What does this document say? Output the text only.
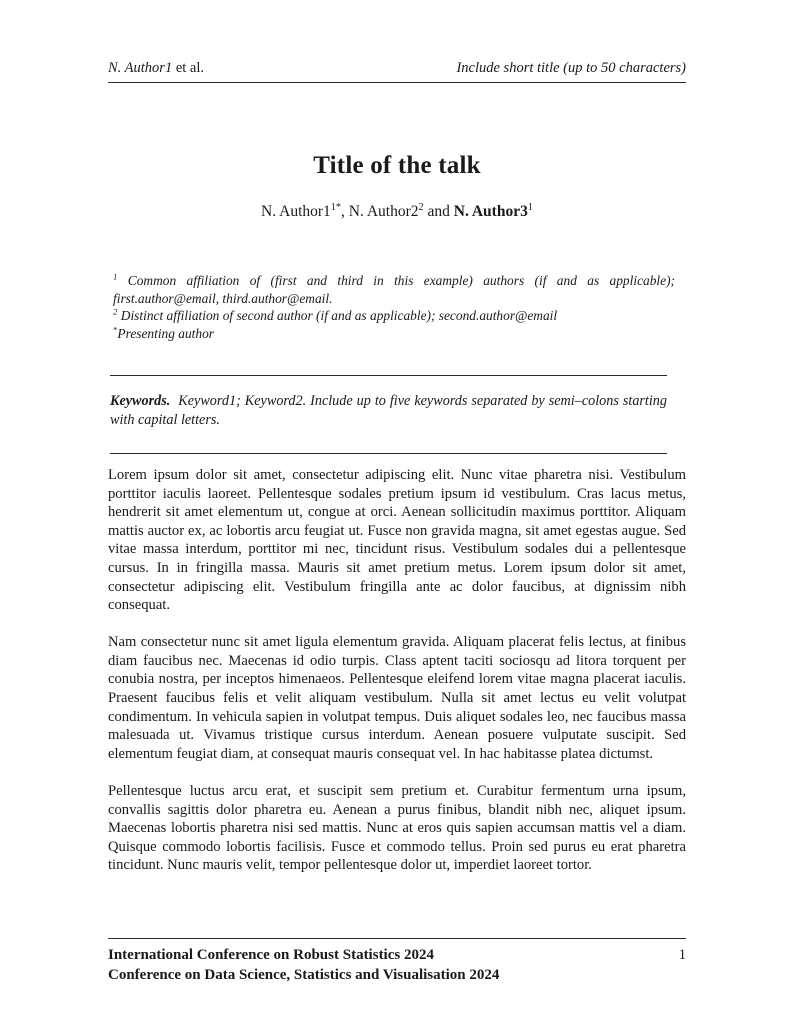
N. Author1 et al.	Include short title (up to 50 characters)
Title of the talk
N. $Author1^{1*}$, N. $Author2^2$ and N. $Author3^1$
$^1$ Common affiliation of (first and third in this example) authors (if and as applicable); first.author@email, third.author@email.
$^2$ Distinct affiliation of second author (if and as applicable); second.author@email
*Presenting author
Keywords. Keyword1; Keyword2. Include up to five keywords separated by semi–colons starting with capital letters.

Lorem ipsum dolor sit amet, consectetur adipiscing elit. Nunc vitae pharetra nisi. Vestibulum porttitor iaculis laoreet. Pellentesque sodales pretium ipsum id vestibulum. Cras lacus metus, hendrerit sit amet elementum ut, congue at orci. Aenean sollicitudin maximus porttitor. Aliquam mattis auctor ex, ac lobortis arcu feugiat ut. Fusce non gravida magna, sit amet egestas augue. Sed vitae massa interdum, porttitor mi nec, tincidunt risus. Vestibulum sodales dui a pellentesque cursus. In in fringilla massa. Mauris sit amet pretium metus. Lorem ipsum dolor sit amet, consectetur adipiscing elit. Vestibulum fringilla ante ac dolor faucibus, at dignissim nibh consequat.

Nam consectetur nunc sit amet ligula elementum gravida. Aliquam placerat felis lectus, at finibus diam faucibus nec. Maecenas id odio turpis. Class aptent taciti sociosqu ad litora torquent per conubia nostra, per inceptos himenaeos. Pellentesque eleifend lorem vitae magna placerat iaculis. Praesent faucibus felis et velit aliquam vestibulum. Nulla sit amet lectus eu velit volutpat condimentum. In vehicula sapien in volutpat tempus. Duis aliquet sodales leo, nec faucibus massa malesuada ut. Vivamus tristique cursus interdum. Aenean posuere vulputate suscipit. Sed elementum feugiat diam, at consequat mauris consequat vel. In hac habitasse platea dictumst.

Pellentesque luctus arcu erat, et suscipit sem pretium et. Curabitur fermentum urna ipsum, convallis sagittis dolor pharetra eu. Aenean a purus finibus, blandit nibh nec, aliquet ipsum. Maecenas lobortis pharetra nisi sed mattis. Nunc at eros quis sapien accumsan mattis vel a diam. Quisque commodo lobortis facilisis. Fusce et commodo tellus. Proin sed purus eu erat pharetra tincidunt. Nunc mauris velit, tempor pellentesque dolor ut, imperdiet laoreet tortor.

International Conference on Robust Statistics 2024	1
Conference on Data Science, Statistics and Visualisation 2024
